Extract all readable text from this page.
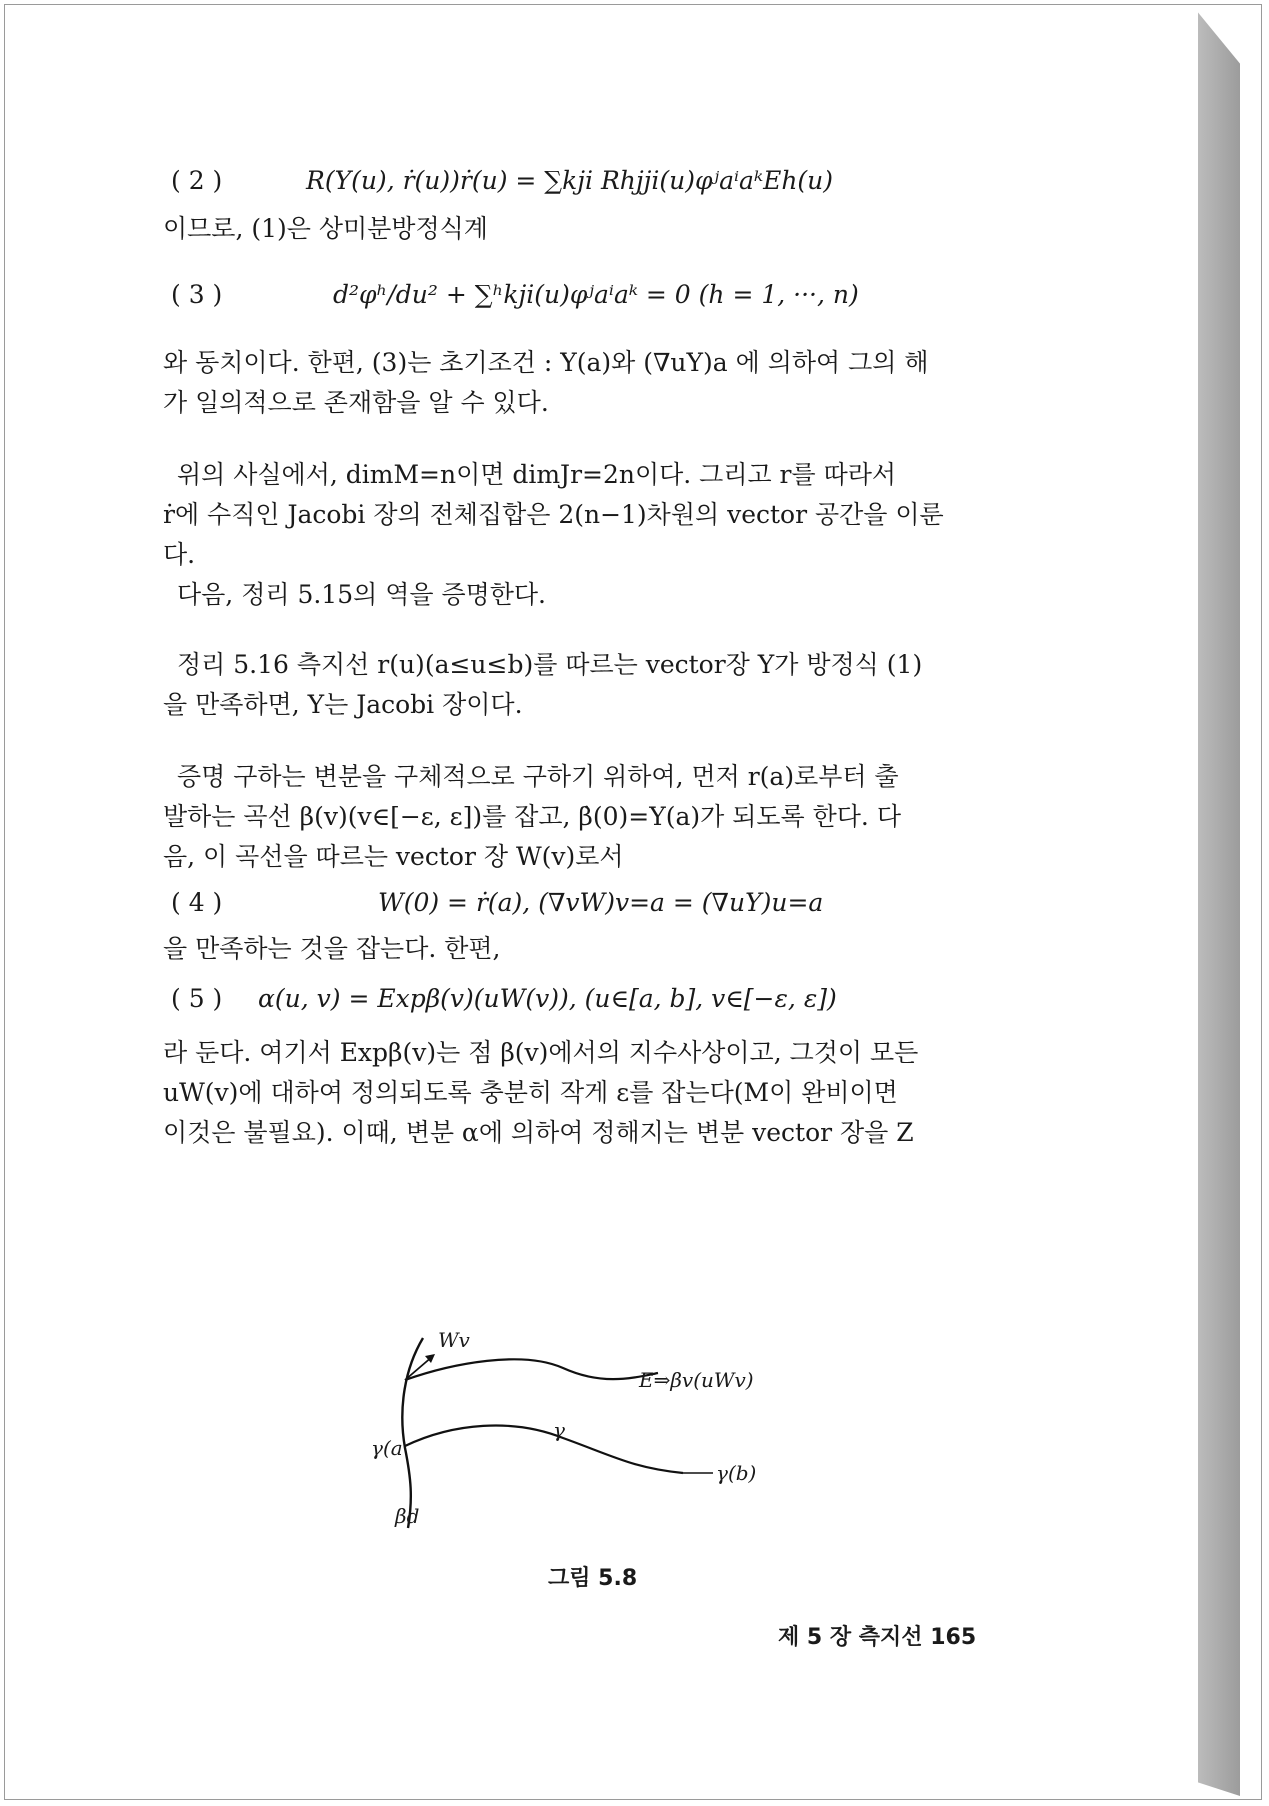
( 2 )	R(Y(u), ṙ(u))ṙ(u) = ∑kji Rhjji(u)φʲaⁱaᵏEh(u)
이므로, (1)은 상미분방정식계
( 3 )	d²φʰ/du² + ∑ʰkji(u)φʲaⁱaᵏ = 0 (h = 1, ···, n)
와 동치이다. 한편, (3)는 초기조건 : Y(a)와 (∇uY)a 에 의하여 그의 해
가 일의적으로 존재함을 알 수 있다.
위의 사실에서, dimM=n이면 dimJr=2n이다. 그리고 r를 따라서
ṙ에 수직인 Jacobi 장의 전체집합은 2(n−1)차원의 vector 공간을 이룬
다.
다음, 정리 5.15의 역을 증명한다.
정리 5.16 측지선 r(u)(a≤u≤b)를 따르는 vector장 Y가 방정식 (1)
을 만족하면, Y는 Jacobi 장이다.
증명 구하는 변분을 구체적으로 구하기 위하여, 먼저 r(a)로부터 출
발하는 곡선 β(v)(v∈[−ε, ε])를 잡고, β̇(0)=Y(a)가 되도록 한다. 다
음, 이 곡선을 따르는 vector 장 W(v)로서
( 4 )	W(0) = ṙ(a), (∇vW)v=a = (∇uY)u=a
을 만족하는 것을 잡는다. 한편,
( 5 ) α(u, v) = Expβ(v)(uW(v)), (u∈[a, b], v∈[−ε, ε])
라 둔다. 여기서 Expβ(v)는 점 β(v)에서의 지수사상이고, 그것이 모든
uW(v)에 대하여 정의되도록 충분히 작게 ε를 잡는다(M이 완비이면
이것은 불필요). 이때, 변분 α에 의하여 정해지는 변분 vector 장을 Z
Wv
E⇒βv(uWv)
γ(a
γ
γ(b)
βd
그림 5.8
제 5 장 측지선 165
